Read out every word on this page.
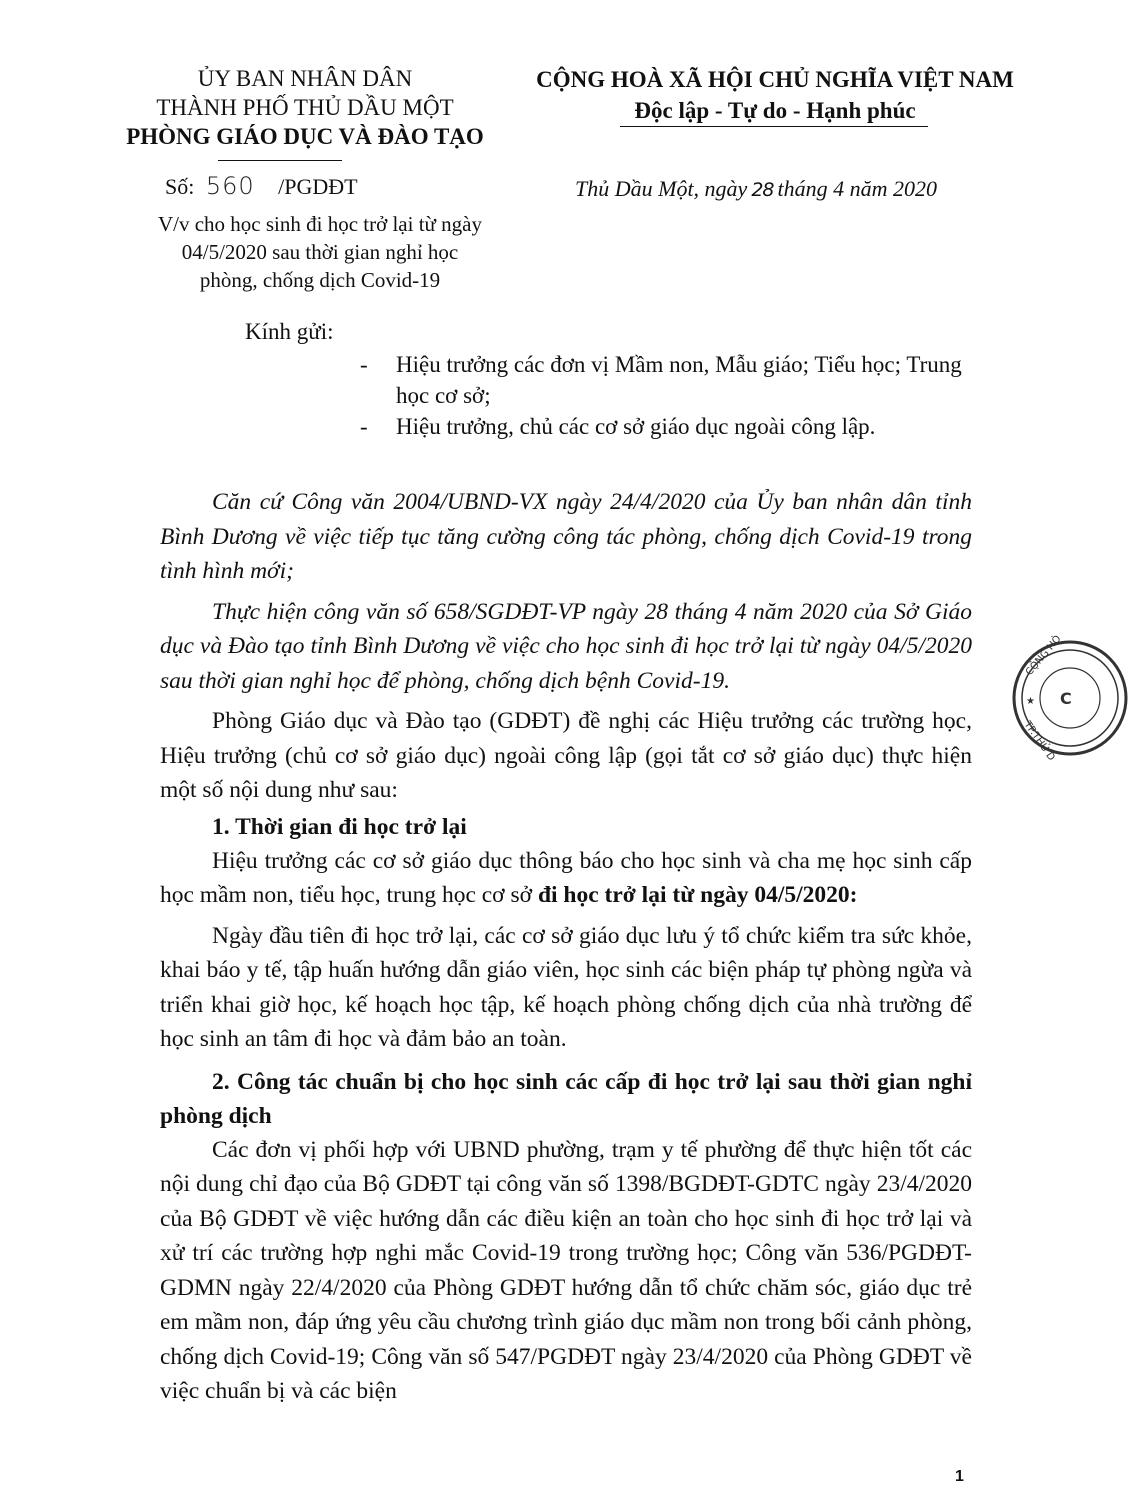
ỦY BAN NHÂN DÂN
THÀNH PHỐ THỦ DẦU MỘT
PHÒNG GIÁO DỤC VÀ ĐÀO TẠO
CỘNG HOÀ XÃ HỘI CHỦ NGHĨA VIỆT NAM
Độc lập - Tự do - Hạnh phúc
Số: 560 /PGDĐT	Thủ Dầu Một, ngày 28 tháng 4 năm 2020
V/v cho học sinh đi học trở lại từ ngày
04/5/2020 sau thời gian nghỉ học
phòng, chống dịch Covid-19
Kính gửi:
- Hiệu trưởng các đơn vị Mầm non, Mẫu giáo; Tiểu học; Trung học cơ sở;
- Hiệu trưởng, chủ các cơ sở giáo dục ngoài công lập.

Căn cứ Công văn 2004/UBND-VX ngày 24/4/2020 của Ủy ban nhân dân tỉnh Bình Dương về việc tiếp tục tăng cường công tác phòng, chống dịch Covid-19 trong tình hình mới;

Thực hiện công văn số 658/SGDĐT-VP ngày 28 tháng 4 năm 2020 của Sở Giáo dục và Đào tạo tỉnh Bình Dương về việc cho học sinh đi học trở lại từ ngày 04/5/2020 sau thời gian nghỉ học để phòng, chống dịch bệnh Covid-19.

Phòng Giáo dục và Đào tạo (GDĐT) đề nghị các Hiệu trưởng các trường học, Hiệu trưởng (chủ cơ sở giáo dục) ngoài công lập (gọi tắt cơ sở giáo dục) thực hiện một số nội dung như sau:

1. Thời gian đi học trở lại

Hiệu trưởng các cơ sở giáo dục thông báo cho học sinh và cha mẹ học sinh cấp học mầm non, tiểu học, trung học cơ sở đi học trở lại từ ngày 04/5/2020:

Ngày đầu tiên đi học trở lại, các cơ sở giáo dục lưu ý tổ chức kiểm tra sức khỏe, khai báo y tế, tập huấn hướng dẫn giáo viên, học sinh các biện pháp tự phòng ngừa và triển khai giờ học, kế hoạch học tập, kế hoạch phòng chống dịch của nhà trường để học sinh an tâm đi học và đảm bảo an toàn.

2. Công tác chuẩn bị cho học sinh các cấp đi học trở lại sau thời gian nghỉ phòng dịch

Các đơn vị phối hợp với UBND phường, trạm y tế phường để thực hiện tốt các nội dung chỉ đạo của Bộ GDĐT tại công văn số 1398/BGDĐT-GDTC ngày 23/4/2020 của Bộ GDĐT về việc hướng dẫn các điều kiện an toàn cho học sinh đi học trở lại và xử trí các trường hợp nghi mắc Covid-19 trong trường học; Công văn 536/PGDĐT-GDMN ngày 22/4/2020 của Phòng GDĐT hướng dẫn tổ chức chăm sóc, giáo dục trẻ em mầm non, đáp ứng yêu cầu chương trình giáo dục mầm non trong bối cảnh phòng, chống dịch Covid-19; Công văn số 547/PGDĐT ngày 23/4/2020 của Phòng GDĐT về việc chuẩn bị và các biện

CỘNG HÒ
TP.THỦ D
C
★
1
